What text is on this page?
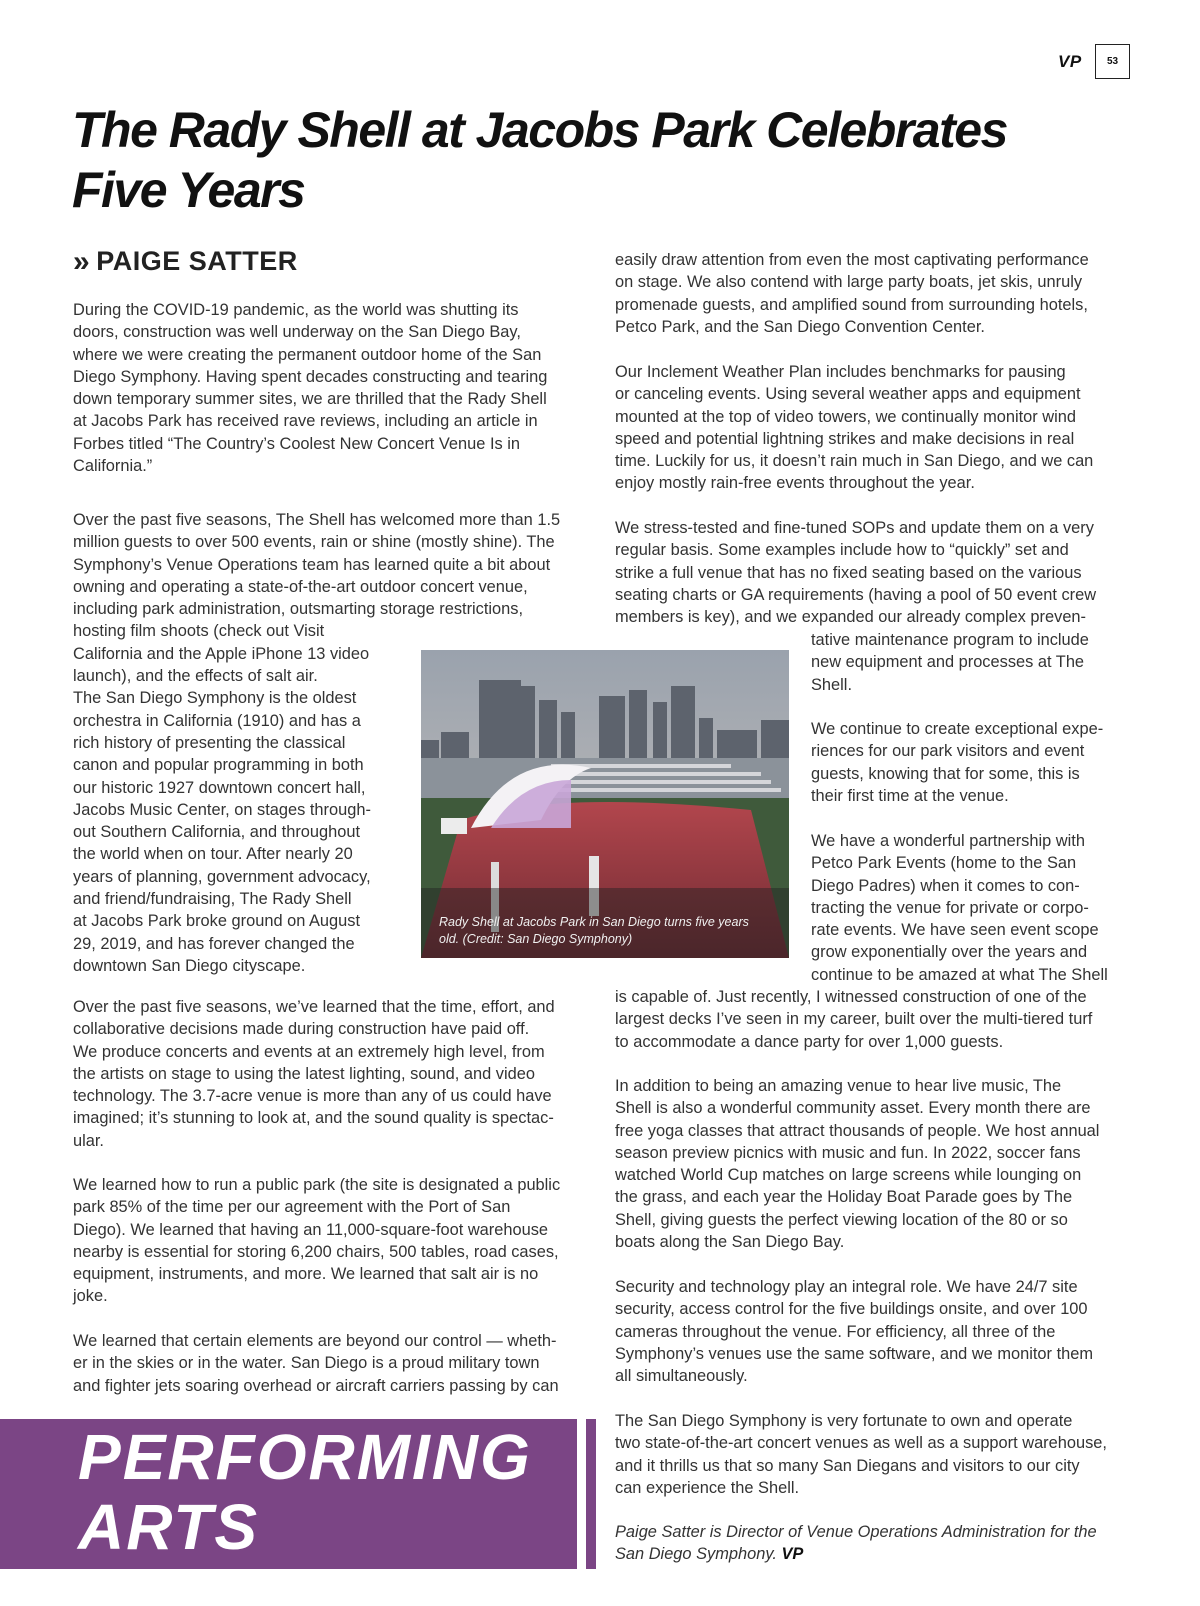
VP	53
The Rady Shell at Jacobs Park Celebrates
Five Years
» PAIGE SATTER
During the COVID-19 pandemic, as the world was shutting its
doors, construction was well underway on the San Diego Bay,
where we were creating the permanent outdoor home of the San
Diego Symphony. Having spent decades constructing and tearing
down temporary summer sites, we are thrilled that the Rady Shell
at Jacobs Park has received rave reviews, including an article in
Forbes titled “The Country’s Coolest New Concert Venue Is in
California.”
Over the past five seasons, The Shell has welcomed more than 1.5
million guests to over 500 events, rain or shine (mostly shine). The
Symphony’s Venue Operations team has learned quite a bit about
owning and operating a state-of-the-art outdoor concert venue,
including park administration, outsmarting storage restrictions,
hosting film shoots (check out Visit
California and the Apple iPhone 13 video
launch), and the effects of salt air.
The San Diego Symphony is the oldest
orchestra in California (1910) and has a
rich history of presenting the classical
canon and popular programming in both
our historic 1927 downtown concert hall,
Jacobs Music Center, on stages through-
out Southern California, and throughout
the world when on tour. After nearly 20
years of planning, government advocacy,
and friend/fundraising, The Rady Shell
at Jacobs Park broke ground on August
29, 2019, and has forever changed the
downtown San Diego cityscape.
Over the past five seasons, we’ve learned that the time, effort, and
collaborative decisions made during construction have paid off.
We produce concerts and events at an extremely high level, from
the artists on stage to using the latest lighting, sound, and video
technology. The 3.7-acre venue is more than any of us could have
imagined; it’s stunning to look at, and the sound quality is spectac-
ular.
We learned how to run a public park (the site is designated a public
park 85% of the time per our agreement with the Port of San
Diego). We learned that having an 11,000-square-foot warehouse
nearby is essential for storing 6,200 chairs, 500 tables, road cases,
equipment, instruments, and more. We learned that salt air is no
joke.
We learned that certain elements are beyond our control — wheth-
er in the skies or in the water. San Diego is a proud military town
and fighter jets soaring overhead or aircraft carriers passing by can
easily draw attention from even the most captivating performance
on stage. We also contend with large party boats, jet skis, unruly
promenade guests, and amplified sound from surrounding hotels,
Petco Park, and the San Diego Convention Center.
Our Inclement Weather Plan includes benchmarks for pausing
or canceling events. Using several weather apps and equipment
mounted at the top of video towers, we continually monitor wind
speed and potential lightning strikes and make decisions in real
time. Luckily for us, it doesn’t rain much in San Diego, and we can
enjoy mostly rain-free events throughout the year.
We stress-tested and fine-tuned SOPs and update them on a very
regular basis. Some examples include how to “quickly” set and
strike a full venue that has no fixed seating based on the various
seating charts or GA requirements (having a pool of 50 event crew
members is key), and we expanded our already complex preven-
tative maintenance program to include
new equipment and processes at The
Shell.
We continue to create exceptional expe-
riences for our park visitors and event
guests, knowing that for some, this is
their first time at the venue.
We have a wonderful partnership with
Petco Park Events (home to the San
Diego Padres) when it comes to con-
tracting the venue for private or corpo-
rate events. We have seen event scope
grow exponentially over the years and
continue to be amazed at what The Shell
is capable of. Just recently, I witnessed construction of one of the
largest decks I’ve seen in my career, built over the multi-tiered turf
to accommodate a dance party for over 1,000 guests.
In addition to being an amazing venue to hear live music, The
Shell is also a wonderful community asset. Every month there are
free yoga classes that attract thousands of people. We host annual
season preview picnics with music and fun. In 2022, soccer fans
watched World Cup matches on large screens while lounging on
the grass, and each year the Holiday Boat Parade goes by The
Shell, giving guests the perfect viewing location of the 80 or so
boats along the San Diego Bay.
Security and technology play an integral role. We have 24/7 site
security, access control for the five buildings onsite, and over 100
cameras throughout the venue. For efficiency, all three of the
Symphony’s venues use the same software, and we monitor them
all simultaneously.
The San Diego Symphony is very fortunate to own and operate
two state-of-the-art concert venues as well as a support warehouse,
and it thrills us that so many San Diegans and visitors to our city
can experience the Shell.
Paige Satter is Director of Venue Operations Administration for the
San Diego Symphony. VP
Rady Shell at Jacobs Park in San Diego turns five years
old. (Credit: San Diego Symphony)
PERFORMING
ARTS
